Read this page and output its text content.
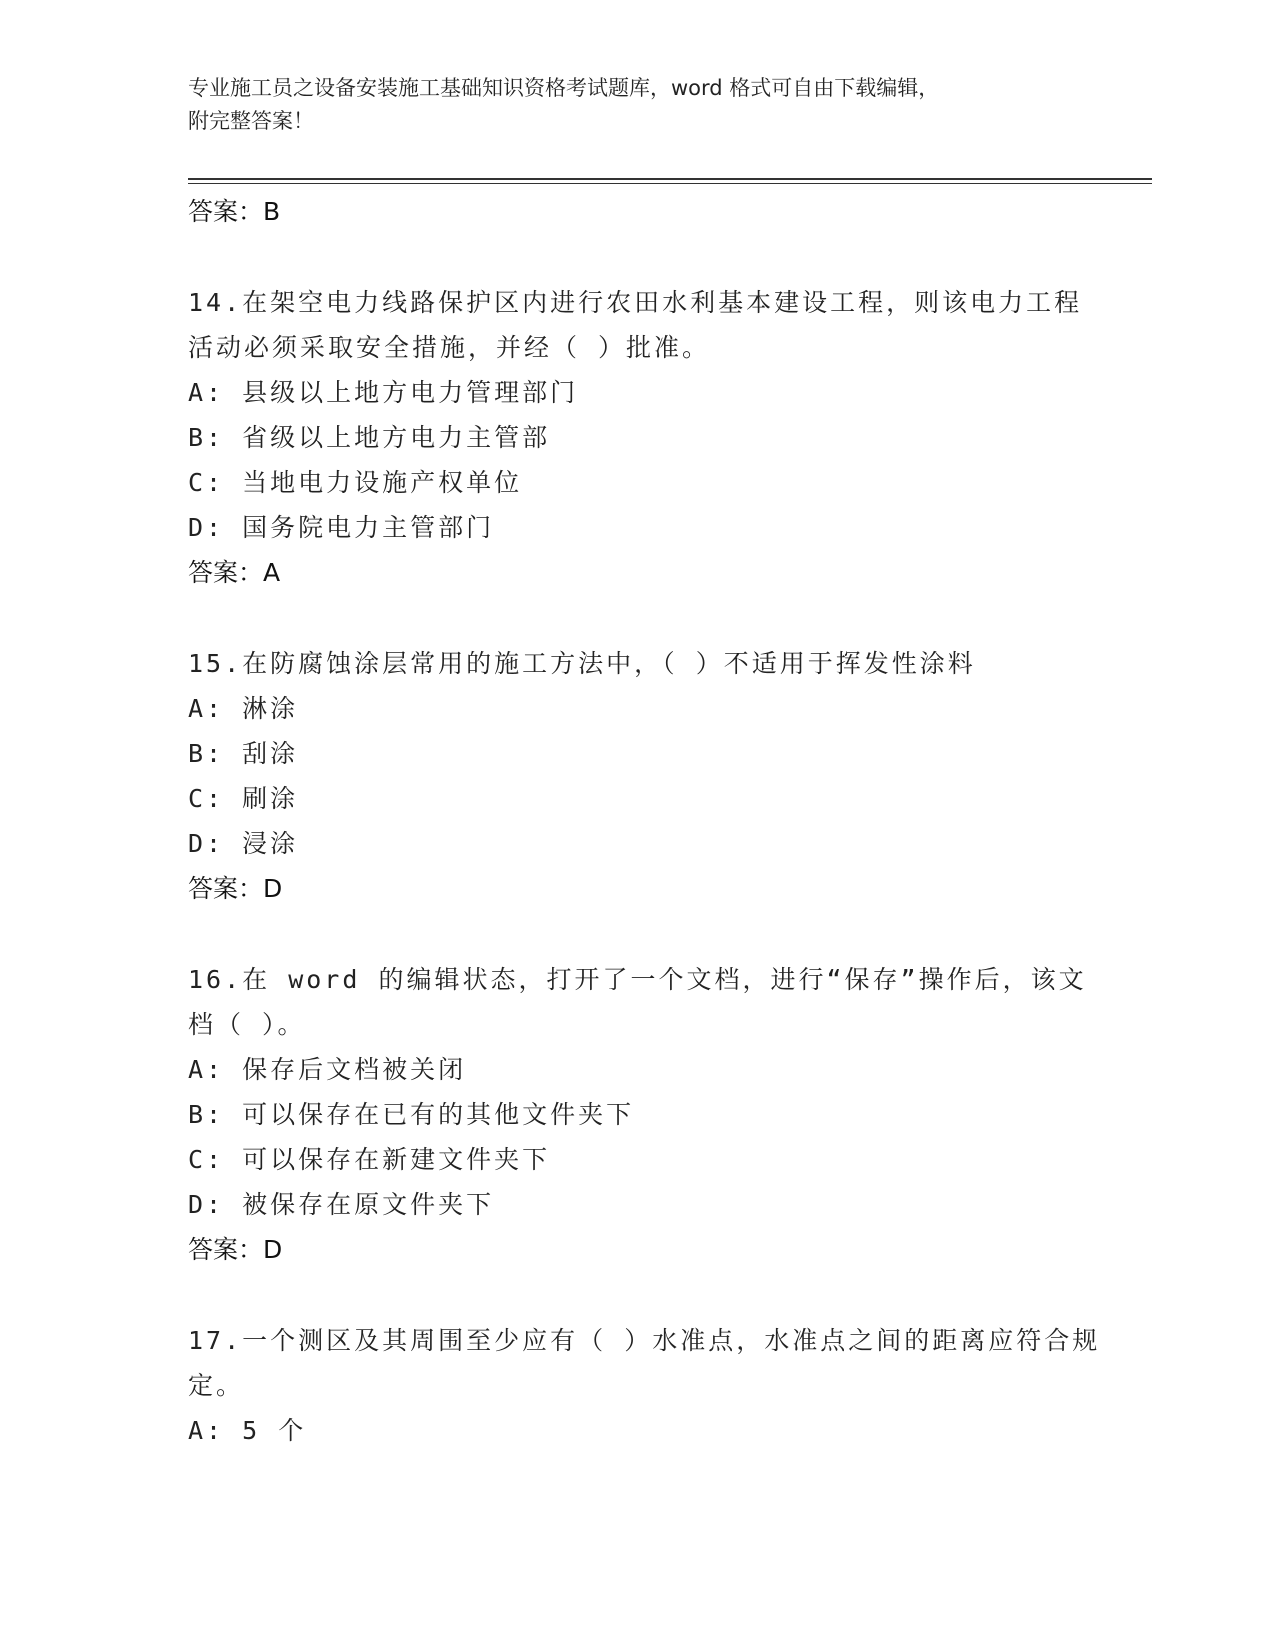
专业施工员之设备安装施工基础知识资格考试题库，word 格式可自由下载编辑，
附完整答案！
答案：B
14.在架空电力线路保护区内进行农田水利基本建设工程，则该电力工程活动必须采取安全措施，并经（ ）批准。
A: 县级以上地方电力管理部门
B: 省级以上地方电力主管部
C: 当地电力设施产权单位
D: 国务院电力主管部门
答案：A
15.在防腐蚀涂层常用的施工方法中，（ ）不适用于挥发性涂料
A: 淋涂
B: 刮涂
C: 刷涂
D: 浸涂
答案：D
16.在 word 的编辑状态，打开了一个文档，进行“保存”操作后，该文档（ ）。
A: 保存后文档被关闭
B: 可以保存在已有的其他文件夹下
C: 可以保存在新建文件夹下
D: 被保存在原文件夹下
答案：D
17.一个测区及其周围至少应有（ ）水准点，水准点之间的距离应符合规定。
A: 5 个
